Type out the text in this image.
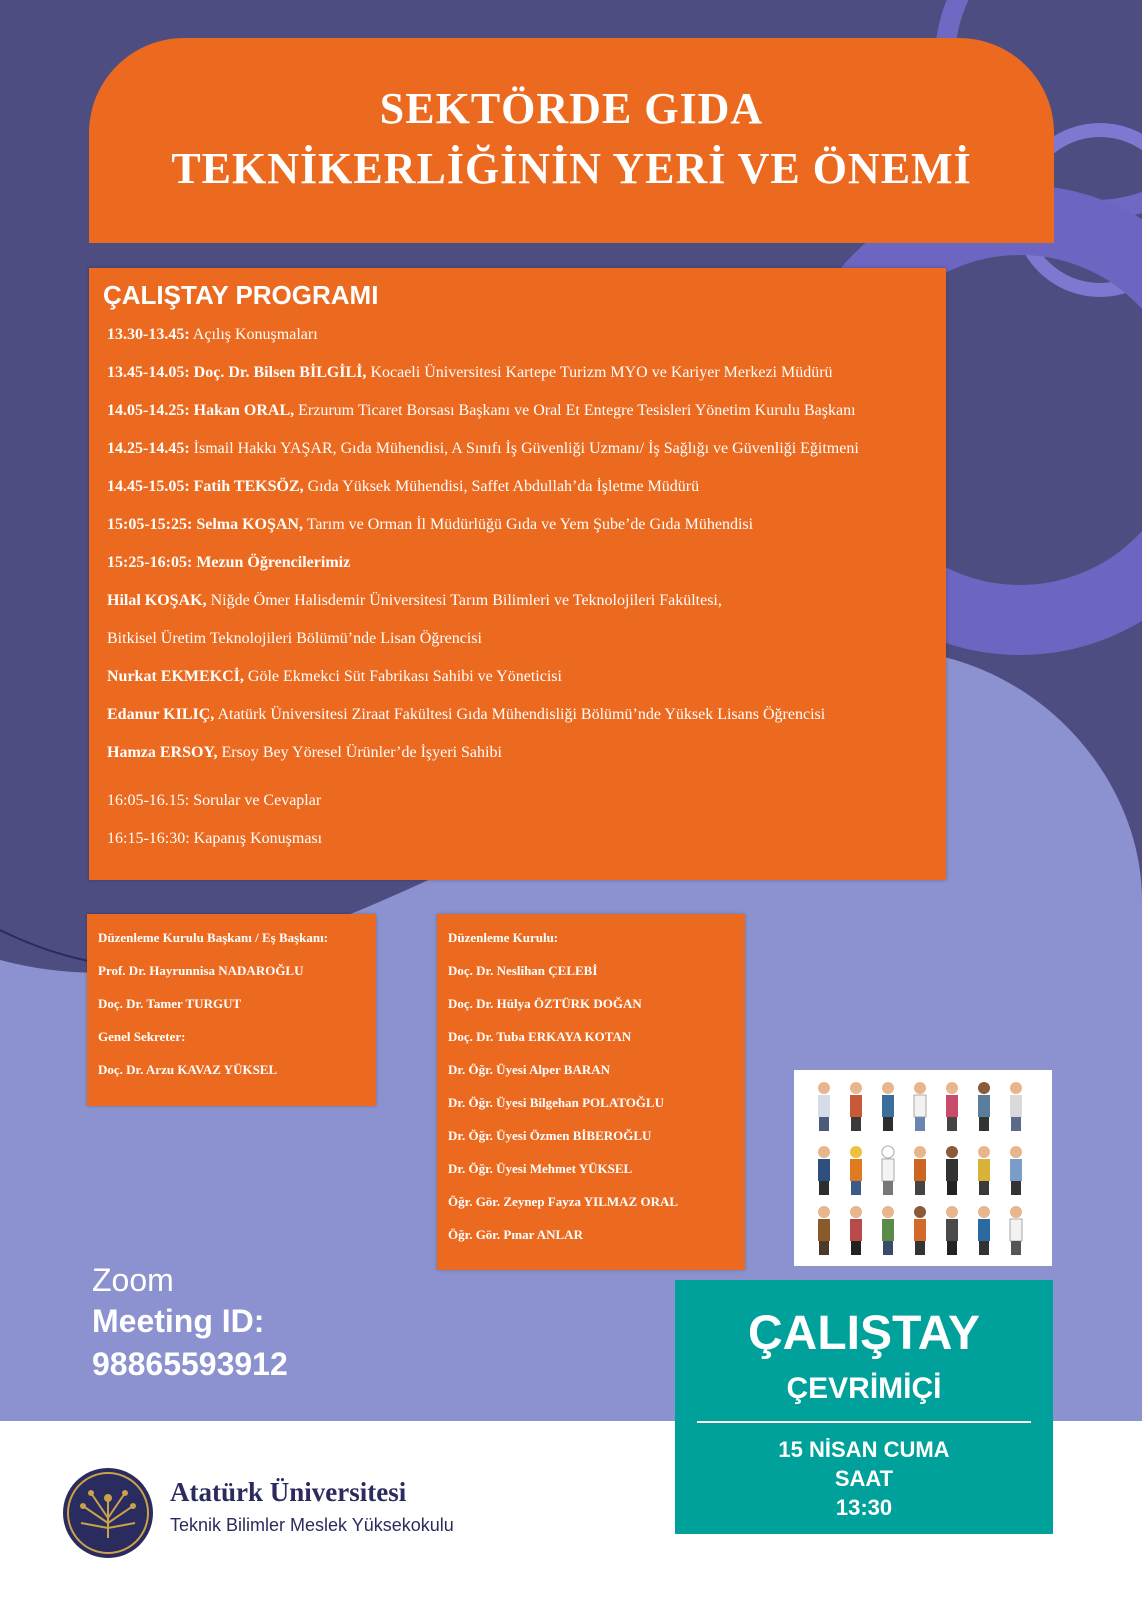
SEKTÖRDE GIDA
TEKNİKERLİĞİNİN YERİ VE ÖNEMİ
ÇALIŞTAY PROGRAMI
13.30-13.45: Açılış Konuşmaları
13.45-14.05: Doç. Dr. Bilsen BİLGİLİ, Kocaeli Üniversitesi Kartepe Turizm MYO ve Kariyer Merkezi Müdürü
14.05-14.25: Hakan ORAL, Erzurum Ticaret Borsası Başkanı ve Oral Et Entegre Tesisleri Yönetim Kurulu Başkanı
14.25-14.45: İsmail Hakkı YAŞAR, Gıda Mühendisi, A Sınıfı İş Güvenliği Uzmanı/ İş Sağlığı ve Güvenliği Eğitmeni
14.45-15.05: Fatih TEKSÖZ, Gıda Yüksek Mühendisi, Saffet Abdullah’da İşletme Müdürü
15:05-15:25: Selma KOŞAN, Tarım ve Orman İl Müdürlüğü Gıda ve Yem Şube’de Gıda Mühendisi
15:25-16:05: Mezun Öğrencilerimiz
Hilal KOŞAK, Niğde Ömer Halisdemir Üniversitesi Tarım Bilimleri ve Teknolojileri Fakültesi,
Bitkisel Üretim Teknolojileri Bölümü’nde Lisan Öğrencisi
Nurkat EKMEKCİ, Göle Ekmekci Süt Fabrikası Sahibi ve Yöneticisi
Edanur KILIÇ, Atatürk Üniversitesi Ziraat Fakültesi Gıda Mühendisliği Bölümü’nde Yüksek Lisans Öğrencisi
Hamza ERSOY, Ersoy Bey Yöresel Ürünler’de İşyeri Sahibi
16:05-16.15: Sorular ve Cevaplar
16:15-16:30: Kapanış Konuşması
Düzenleme Kurulu Başkanı / Eş Başkanı:
Prof. Dr. Hayrunnisa NADAROĞLU
Doç. Dr. Tamer TURGUT
Genel Sekreter:
Doç. Dr. Arzu KAVAZ YÜKSEL
Düzenleme Kurulu:
Doç. Dr. Neslihan ÇELEBİ
Doç. Dr. Hülya ÖZTÜRK DOĞAN
Doç. Dr. Tuba ERKAYA KOTAN
Dr. Öğr. Üyesi Alper BARAN
Dr. Öğr. Üyesi Bilgehan POLATOĞLU
Dr. Öğr. Üyesi Özmen BİBEROĞLU
Dr. Öğr. Üyesi Mehmet YÜKSEL
Öğr. Gör. Zeynep Fayza YILMAZ ORAL
Öğr. Gör. Pınar ANLAR
Zoom
Meeting ID:
98865593912
Atatürk Üniversitesi
Teknik Bilimler Meslek Yüksekokulu
ÇALIŞTAY
ÇEVRİMİÇİ
15 NİSAN CUMA
SAAT
13:30
